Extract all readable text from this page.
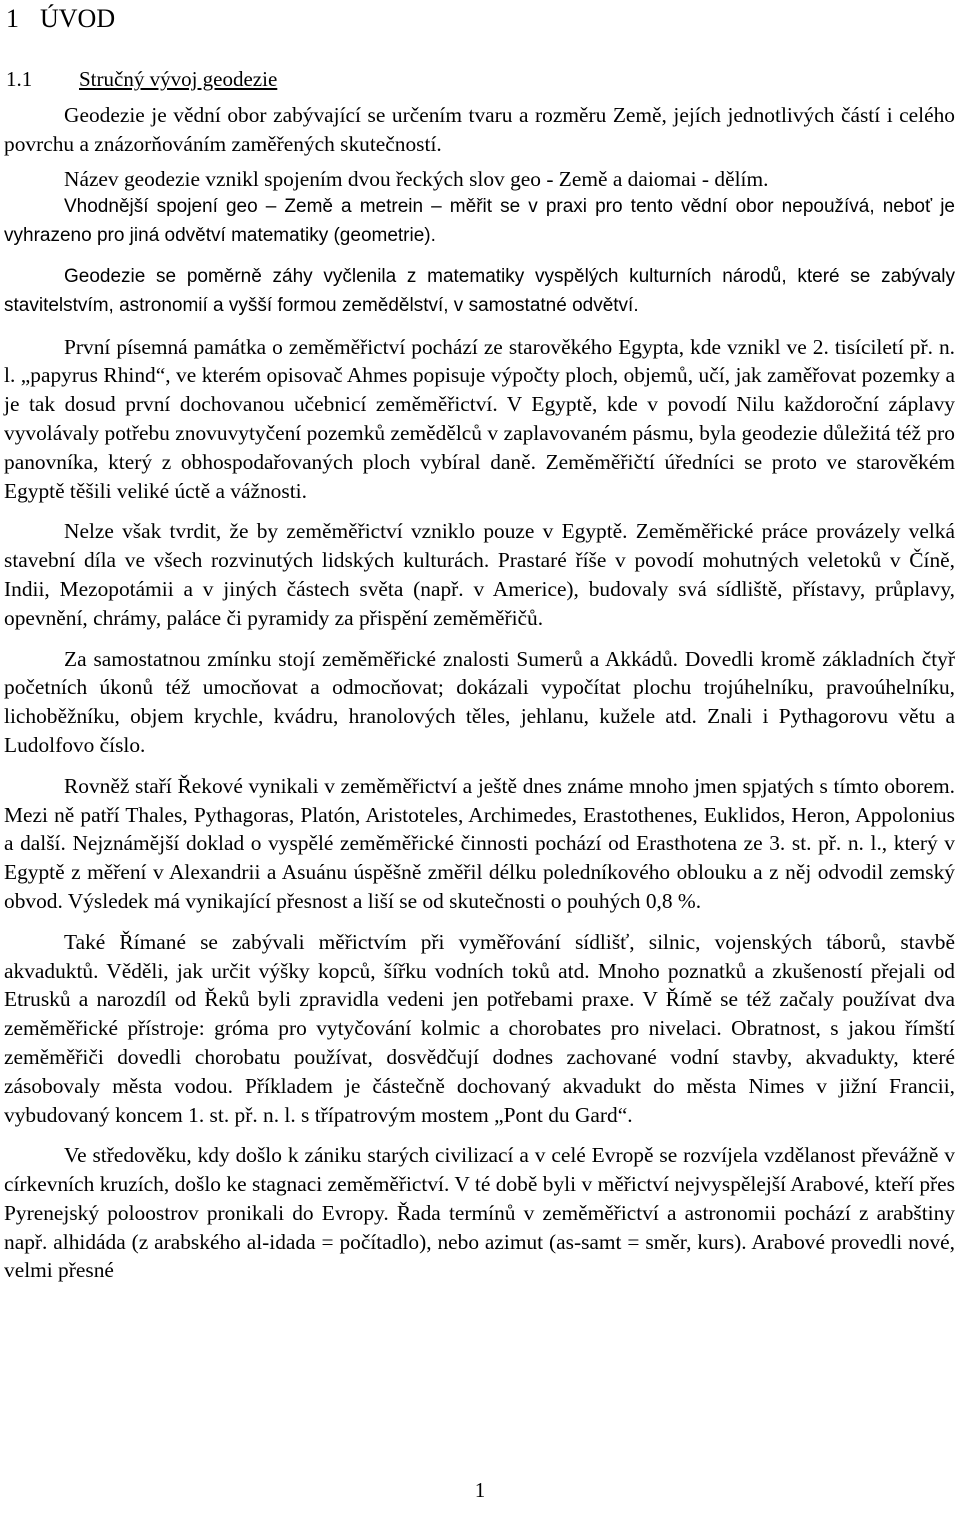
1 ÚVOD
1.1 Stručný vývoj geodezie

Geodezie je vědní obor zabývající se určením tvaru a rozměru Země, jejích jednotlivých částí i celého povrchu a znázorňováním zaměřených skutečností.

Název geodezie vznikl spojením dvou řeckých slov geo - Země a daiomai - dělím.

Vhodnější spojení geo – Země a metrein – měřit se v praxi pro tento vědní obor nepoužívá, neboť je vyhrazeno pro jiná odvětví matematiky (geometrie).

Geodezie se poměrně záhy vyčlenila z matematiky vyspělých kulturních národů, které se zabývaly stavitelstvím, astronomií a vyšší formou zemědělství, v samostatné odvětví.

První písemná památka o zeměměřictví pochází ze starověkého Egypta, kde vznikl ve 2. tisíciletí př. n. l. „papyrus Rhind“, ve kterém opisovač Ahmes popisuje výpočty ploch, objemů, učí, jak zaměřovat pozemky a je tak dosud první dochovanou učebnicí zeměměřictví. V Egyptě, kde v povodí Nilu každoroční záplavy vyvolávaly potřebu znovuvytyčení pozemků zemědělců v zaplavovaném pásmu, byla geodezie důležitá též pro panovníka, který z obhospodařovaných ploch vybíral daně. Zeměměřičtí úředníci se proto ve starověkém Egyptě těšili veliké úctě a vážnosti.

Nelze však tvrdit, že by zeměměřictví vzniklo pouze v Egyptě. Zeměměřické práce provázely velká stavební díla ve všech rozvinutých lidských kulturách. Prastaré říše v povodí mohutných veletoků v Číně, Indii, Mezopotámii a v jiných částech světa (např. v Americe), budovaly svá sídliště, přístavy, průplavy, opevnění, chrámy, paláce či pyramidy za přispění zeměměřičů.

Za samostatnou zmínku stojí zeměměřické znalosti Sumerů a Akkádů. Dovedli kromě základních čtyř početních úkonů též umocňovat a odmocňovat; dokázali vypočítat plochu trojúhelníku, pravoúhelníku, lichoběžníku, objem krychle, kvádru, hranolových těles, jehlanu, kužele atd. Znali i Pythagorovu větu a Ludolfovo číslo.

Rovněž staří Řekové vynikali v zeměměřictví a ještě dnes známe mnoho jmen spjatých s tímto oborem. Mezi ně patří Thales, Pythagoras, Platón, Aristoteles, Archimedes, Erastothenes, Euklidos, Heron, Appolonius a další. Nejznámější doklad o vyspělé zeměměřické činnosti pochází od Erasthotena ze 3. st. př. n. l., který v Egyptě z měření v Alexandrii a Asuánu úspěšně změřil délku poledníkového oblouku a z něj odvodil zemský obvod. Výsledek má vynikající přesnost a liší se od skutečnosti o pouhých 0,8 %.

Také Římané se zabývali měřictvím při vyměřování sídlišť, silnic, vojenských táborů, stavbě akvaduktů. Věděli, jak určit výšky kopců, šířku vodních toků atd. Mnoho poznatků a zkušeností přejali od Etrusků a narozdíl od Řeků byli zpravidla vedeni jen potřebami praxe. V Římě se též začaly používat dva zeměměřické přístroje: gróma pro vytyčování kolmic a chorobates pro nivelaci. Obratnost, s jakou římští zeměměřiči dovedli chorobatu používat, dosvědčují dodnes zachované vodní stavby, akvadukty, které zásobovaly města vodou. Příkladem je částečně dochovaný akvadukt do města Nimes v jižní Francii, vybudovaný koncem 1. st. př. n. l. s třípatrovým mostem „Pont du Gard“.

Ve středověku, kdy došlo k zániku starých civilizací a v celé Evropě se rozvíjela vzdělanost převážně v církevních kruzích, došlo ke stagnaci zeměměřictví. V té době byli v měřictví nejvyspělejší Arabové, kteří přes Pyrenejský poloostrov pronikali do Evropy. Řada termínů v zeměměřictví a astronomii pochází z arabštiny např. alhidáda (z arabského al-idada = počítadlo), nebo azimut (as-samt = směr, kurs). Arabové provedli nové, velmi přesné

1
